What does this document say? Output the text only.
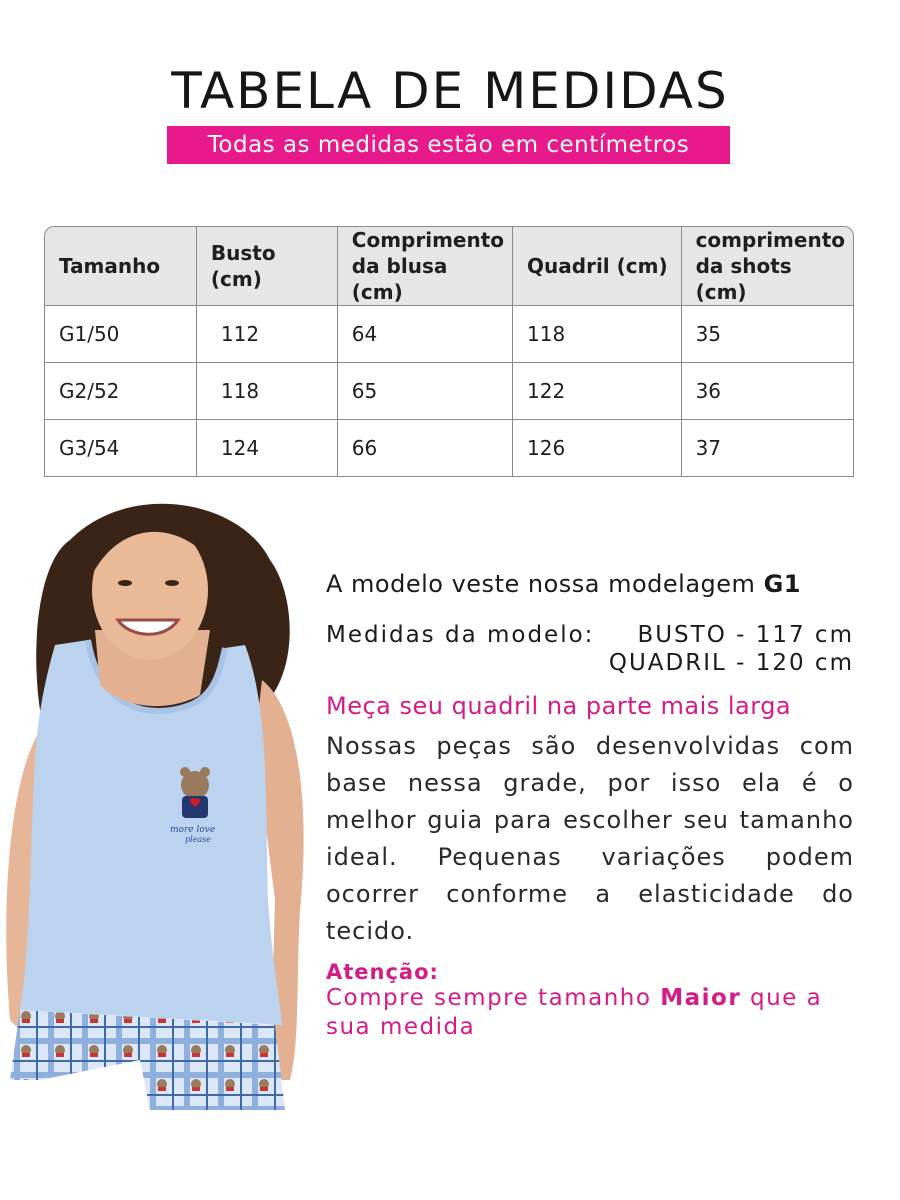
TABELA DE MEDIDAS
Todas as medidas estão em centímetros
Tamanho	Busto (cm)	Comprimento da blusa (cm)	Quadril (cm)	comprimento da shots (cm)
G1/50	112	64	118	35
G2/52	118	65	122	36
G3/54	124	66	126	37
more love
please
A modelo veste nossa modelagem G1
Medidas da modelo: BUSTO - 117 cm
QUADRIL - 120 cm
Meça seu quadril na parte mais larga
Nossas peças são desenvolvidas com base nessa grade, por isso ela é o melhor guia para escolher seu tamanho ideal. Pequenas variações podem ocorrer conforme a elasticidade do tecido.
Atenção:
Compre sempre tamanho Maior que a sua medida
